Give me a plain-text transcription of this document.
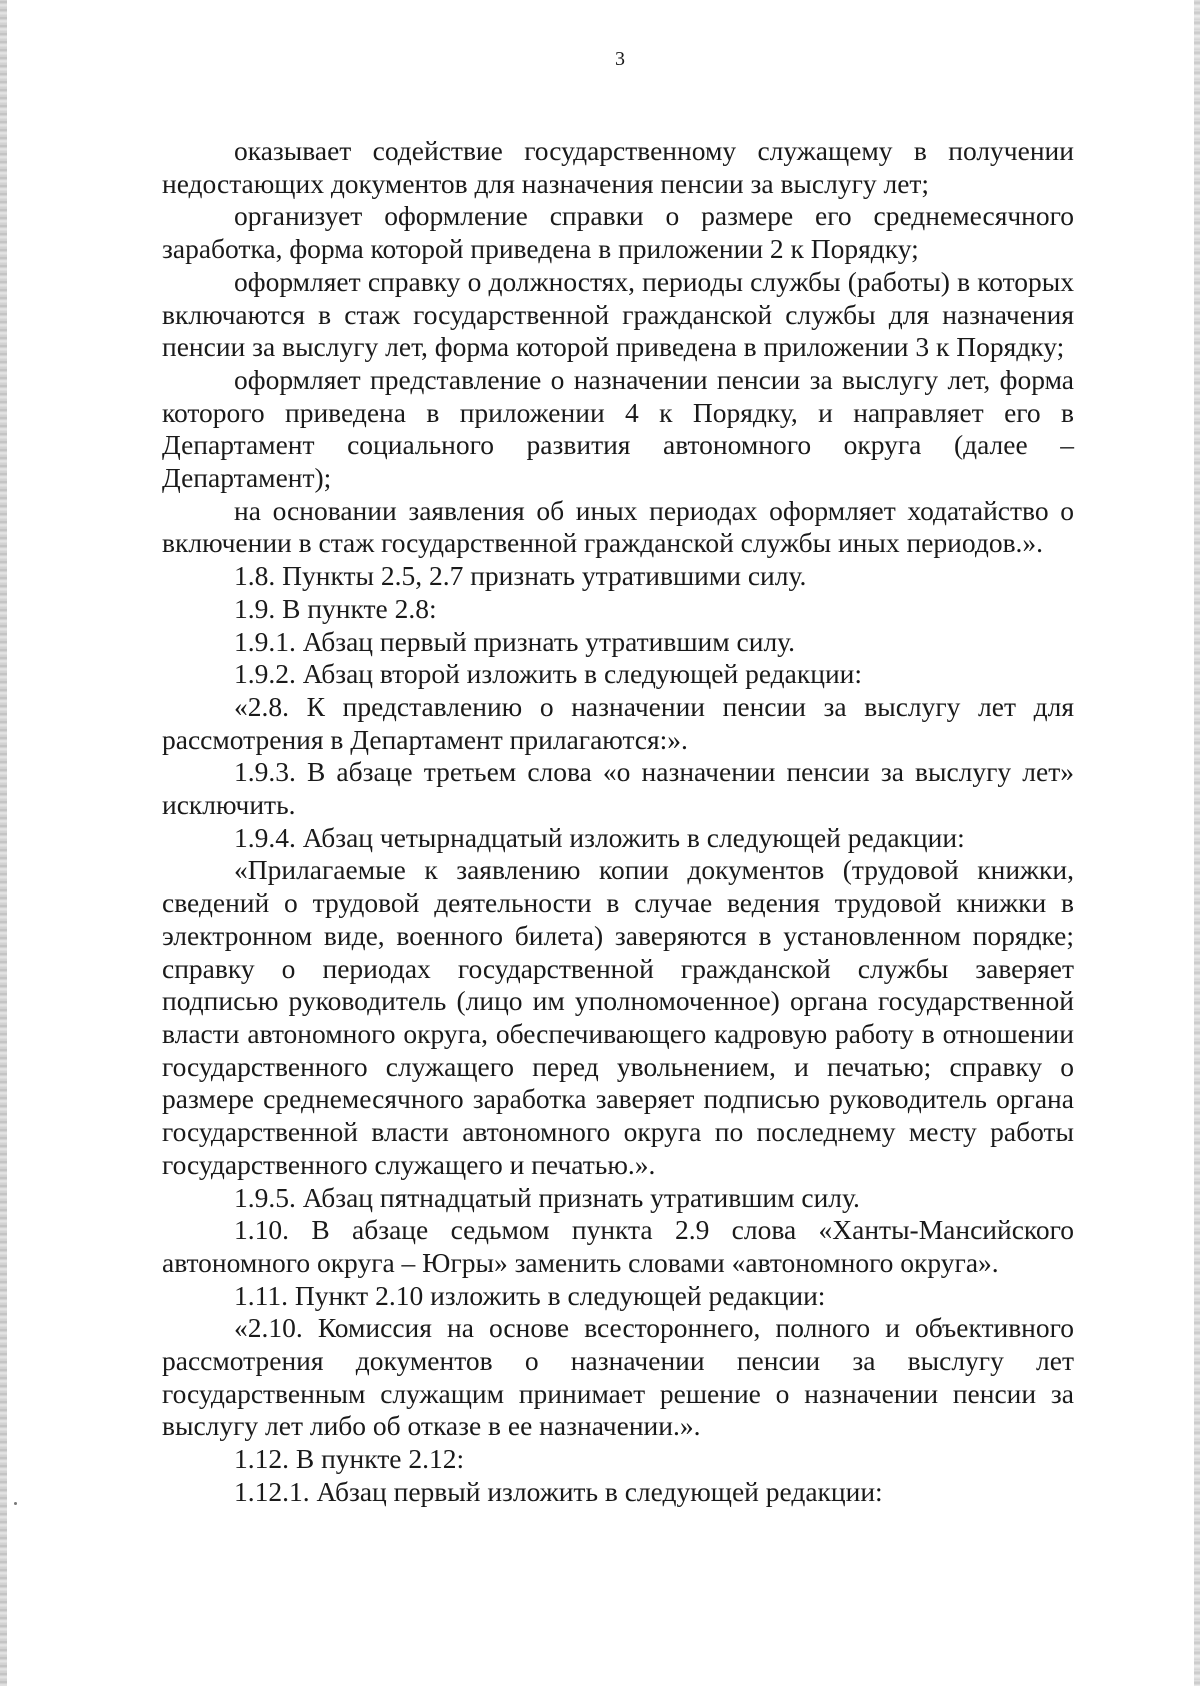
3

оказывает содействие государственному служащему в получении недостающих документов для назначения пенсии за выслугу лет;

организует оформление справки о размере его среднемесячного заработка, форма которой приведена в приложении 2 к Порядку;

оформляет справку о должностях, периоды службы (работы) в которых включаются в стаж государственной гражданской службы для назначения пенсии за выслугу лет, форма которой приведена в приложении 3 к Порядку;

оформляет представление о назначении пенсии за выслугу лет, форма которого приведена в приложении 4 к Порядку, и направляет его в Департамент социального развития автономного округа (далее – Департамент);

на основании заявления об иных периодах оформляет ходатайство о включении в стаж государственной гражданской службы иных периодов.».

1.8. Пункты 2.5, 2.7 признать утратившими силу.

1.9. В пункте 2.8:

1.9.1. Абзац первый признать утратившим силу.

1.9.2. Абзац второй изложить в следующей редакции:

«2.8. К представлению о назначении пенсии за выслугу лет для рассмотрения в Департамент прилагаются:».

1.9.3. В абзаце третьем слова «о назначении пенсии за выслугу лет» исключить.

1.9.4. Абзац четырнадцатый изложить в следующей редакции:

«Прилагаемые к заявлению копии документов (трудовой книжки, сведений о трудовой деятельности в случае ведения трудовой книжки в электронном виде, военного билета) заверяются в установленном порядке; справку о периодах государственной гражданской службы заверяет подписью руководитель (лицо им уполномоченное) органа государственной власти автономного округа, обеспечивающего кадровую работу в отношении государственного служащего перед увольнением, и печатью; справку о размере среднемесячного заработка заверяет подписью руководитель органа государственной власти автономного округа по последнему месту работы государственного служащего и печатью.».

1.9.5. Абзац пятнадцатый признать утратившим силу.

1.10. В абзаце седьмом пункта 2.9 слова «Ханты-Мансийского автономного округа – Югры» заменить словами «автономного округа».

1.11. Пункт 2.10 изложить в следующей редакции:

«2.10. Комиссия на основе всестороннего, полного и объективного рассмотрения документов о назначении пенсии за выслугу лет государственным служащим принимает решение о назначении пенсии за выслугу лет либо об отказе в ее назначении.».

1.12. В пункте 2.12:

1.12.1. Абзац первый изложить в следующей редакции:
